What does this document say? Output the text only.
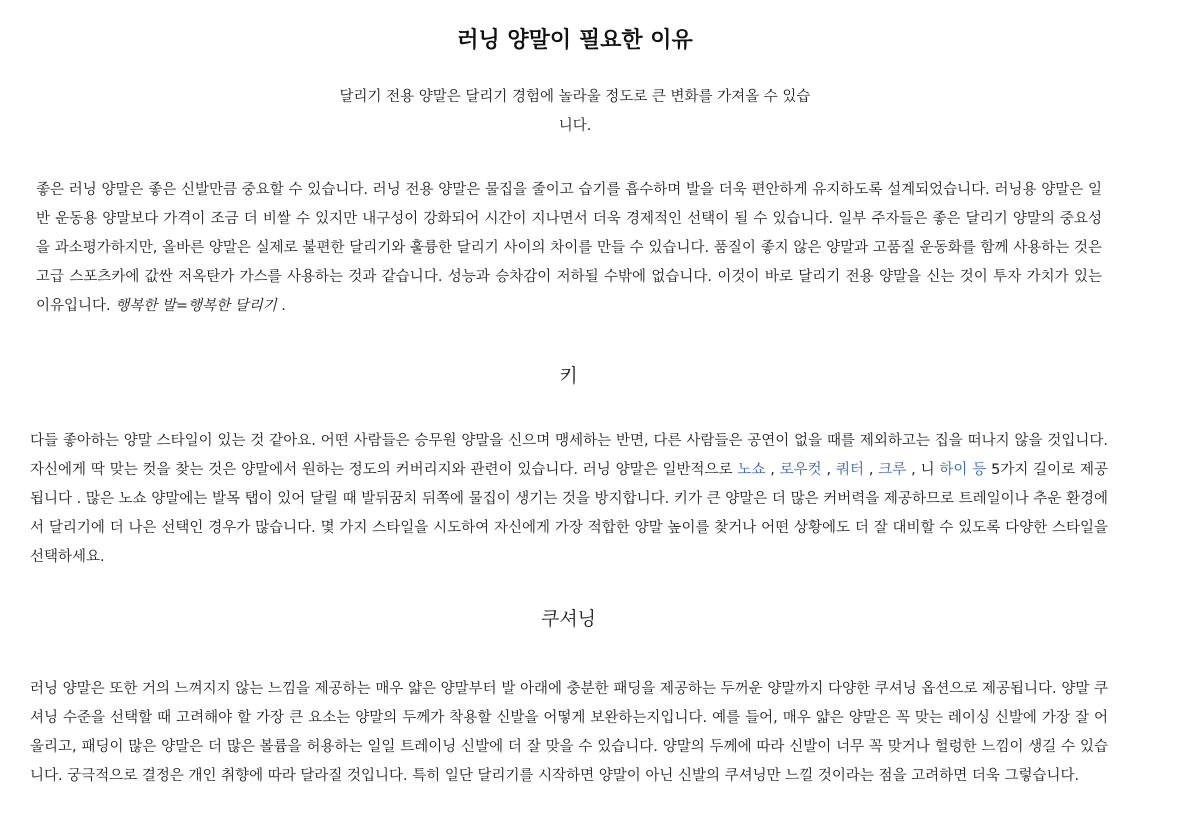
러닝 양말이 필요한 이유

달리기 전용 양말은 달리기 경험에 놀라울 정도로 큰 변화를 가져올 수 있습니다.

좋은 러닝 양말은 좋은 신발만큼 중요할 수 있습니다. 러닝 전용 양말은 물집을 줄이고 습기를 흡수하며 발을 더욱 편안하게 유지하도록 설계되었습니다. 러닝용 양말은 일반 운동용 양말보다 가격이 조금 더 비쌀 수 있지만 내구성이 강화되어 시간이 지나면서 더욱 경제적인 선택이 될 수 있습니다. 일부 주자들은 좋은 달리기 양말의 중요성을 과소평가하지만, 올바른 양말은 실제로 불편한 달리기와 훌륭한 달리기 사이의 차이를 만들 수 있습니다. 품질이 좋지 않은 양말과 고품질 운동화를 함께 사용하는 것은 고급 스포츠카에 값싼 저옥탄가 가스를 사용하는 것과 같습니다. 성능과 승차감이 저하될 수밖에 없습니다. 이것이 바로 달리기 전용 양말을 신는 것이 투자 가치가 있는 이유입니다. 행복한 발=행복한 달리기 .

키

다들 좋아하는 양말 스타일이 있는 것 같아요. 어떤 사람들은 승무원 양말을 신으며 맹세하는 반면, 다른 사람들은 공연이 없을 때를 제외하고는 집을 떠나지 않을 것입니다. 자신에게 딱 맞는 컷을 찾는 것은 양말에서 원하는 정도의 커버리지와 관련이 있습니다. 러닝 양말은 일반적으로 노쇼 , 로우컷 , 쿼터 , 크루 , 니 하이 등 5가지 길이로 제공됩니다 . 많은 노쇼 양말에는 발목 탭이 있어 달릴 때 발뒤꿈치 뒤쪽에 물집이 생기는 것을 방지합니다. 키가 큰 양말은 더 많은 커버력을 제공하므로 트레일이나 추운 환경에서 달리기에 더 나은 선택인 경우가 많습니다. 몇 가지 스타일을 시도하여 자신에게 가장 적합한 양말 높이를 찾거나 어떤 상황에도 더 잘 대비할 수 있도록 다양한 스타일을 선택하세요.

쿠셔닝

러닝 양말은 또한 거의 느껴지지 않는 느낌을 제공하는 매우 얇은 양말부터 발 아래에 충분한 패딩을 제공하는 두꺼운 양말까지 다양한 쿠셔닝 옵션으로 제공됩니다. 양말 쿠셔닝 수준을 선택할 때 고려해야 할 가장 큰 요소는 양말의 두께가 착용할 신발을 어떻게 보완하는지입니다. 예를 들어, 매우 얇은 양말은 꼭 맞는 레이싱 신발에 가장 잘 어울리고, 패딩이 많은 양말은 더 많은 볼륨을 허용하는 일일 트레이닝 신발에 더 잘 맞을 수 있습니다. 양말의 두께에 따라 신발이 너무 꼭 맞거나 헐렁한 느낌이 생길 수 있습니다. 궁극적으로 결정은 개인 취향에 따라 달라질 것입니다. 특히 일단 달리기를 시작하면 양말이 아닌 신발의 쿠셔닝만 느낄 것이라는 점을 고려하면 더욱 그렇습니다.
